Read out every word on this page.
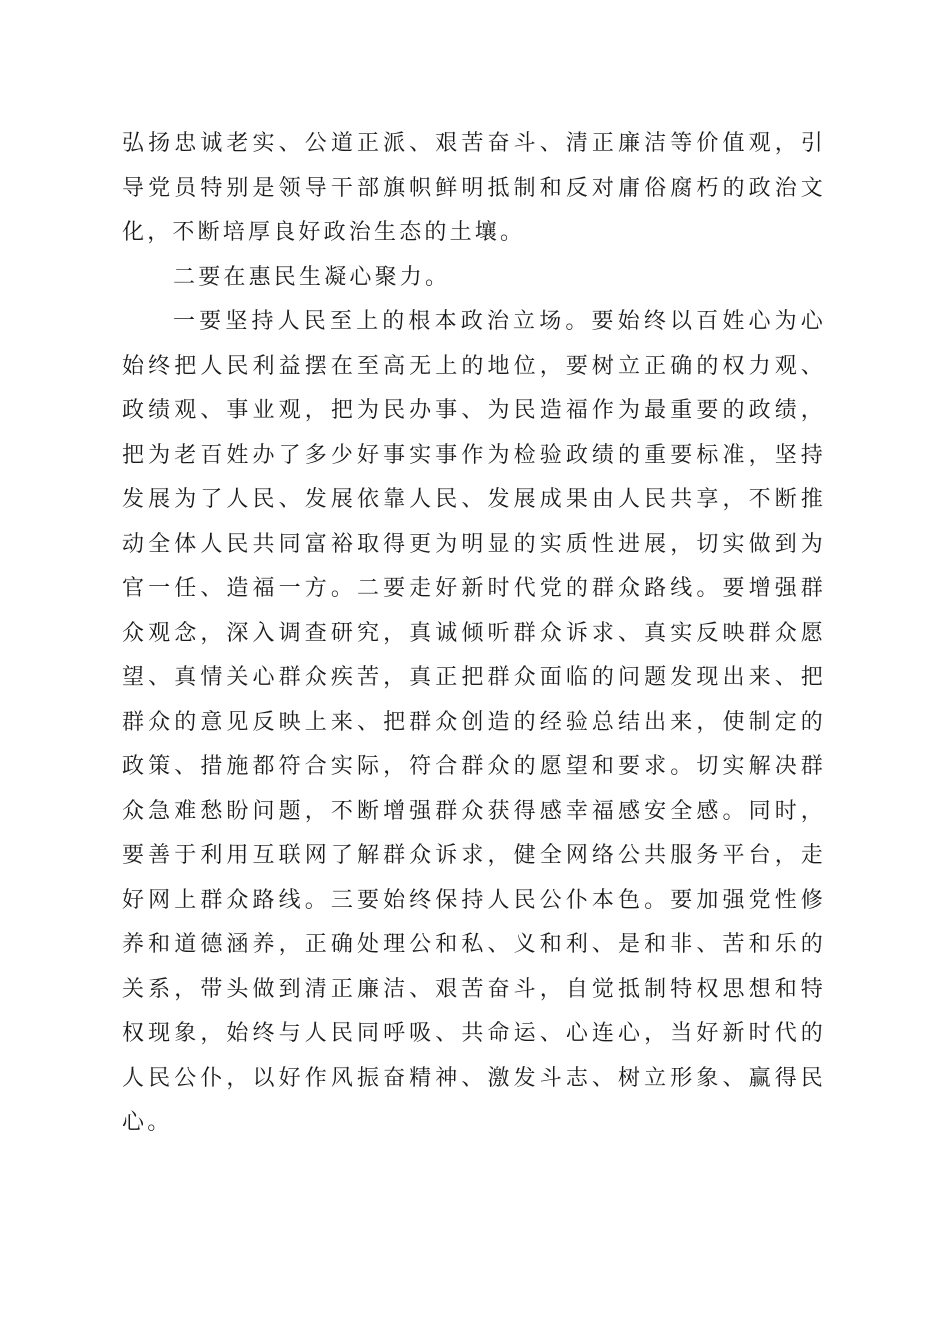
弘扬忠诚老实、公道正派、艰苦奋斗、清正廉洁等价值观，引导党员特别是领导干部旗帜鲜明抵制和反对庸俗腐朽的政治文化，不断培厚良好政治生态的土壤。

二要在惠民生凝心聚力。

一要坚持人民至上的根本政治立场。要始终以百姓心为心始终把人民利益摆在至高无上的地位，要树立正确的权力观、政绩观、事业观，把为民办事、为民造福作为最重要的政绩，把为老百姓办了多少好事实事作为检验政绩的重要标准，坚持发展为了人民、发展依靠人民、发展成果由人民共享，不断推动全体人民共同富裕取得更为明显的实质性进展，切实做到为官一任、造福一方。二要走好新时代党的群众路线。要增强群众观念，深入调查研究，真诚倾听群众诉求、真实反映群众愿望、真情关心群众疾苦，真正把群众面临的问题发现出来、把群众的意见反映上来、把群众创造的经验总结出来，使制定的政策、措施都符合实际，符合群众的愿望和要求。切实解决群众急难愁盼问题，不断增强群众获得感幸福感安全感。同时，要善于利用互联网了解群众诉求，健全网络公共服务平台，走好网上群众路线。三要始终保持人民公仆本色。要加强党性修养和道德涵养，正确处理公和私、义和利、是和非、苦和乐的关系，带头做到清正廉洁、艰苦奋斗，自觉抵制特权思想和特权现象，始终与人民同呼吸、共命运、心连心，当好新时代的人民公仆，以好作风振奋精神、激发斗志、树立形象、赢得民心。
